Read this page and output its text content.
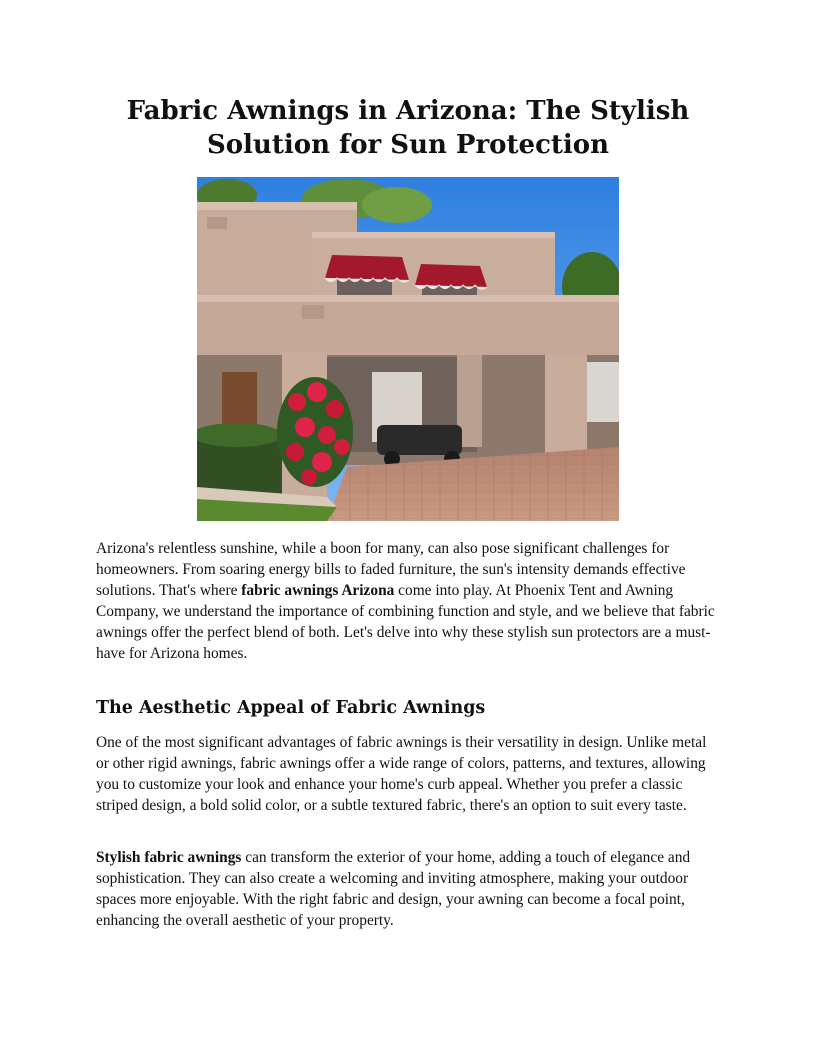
Fabric Awnings in Arizona: The Stylish Solution for Sun Protection

Arizona's relentless sunshine, while a boon for many, can also pose significant challenges for homeowners. From soaring energy bills to faded furniture, the sun's intensity demands effective solutions. That's where fabric awnings Arizona come into play. At Phoenix Tent and Awning Company, we understand the importance of combining function and style, and we believe that fabric awnings offer the perfect blend of both. Let's delve into why these stylish sun protectors are a must-have for Arizona homes.

The Aesthetic Appeal of Fabric Awnings

One of the most significant advantages of fabric awnings is their versatility in design. Unlike metal or other rigid awnings, fabric awnings offer a wide range of colors, patterns, and textures, allowing you to customize your look and enhance your home's curb appeal. Whether you prefer a classic striped design, a bold solid color, or a subtle textured fabric, there's an option to suit every taste.

Stylish fabric awnings can transform the exterior of your home, adding a touch of elegance and sophistication. They can also create a welcoming and inviting atmosphere, making your outdoor spaces more enjoyable. With the right fabric and design, your awning can become a focal point, enhancing the overall aesthetic of your property.
